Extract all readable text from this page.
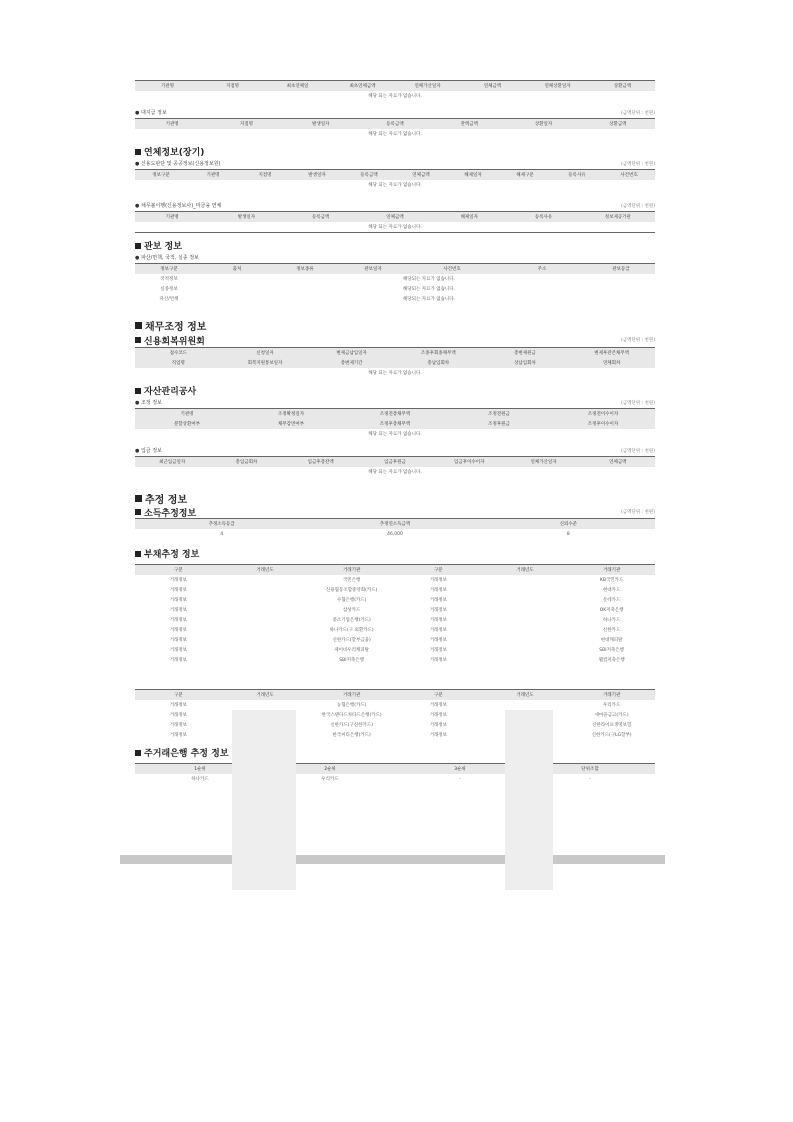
기관명	지점명	최초연체일	최초연체금액	연체가산일자	연체금액	연체상환일자	상환금액
해당 되는 자료가 없습니다.
● 대지급 정보	(금액단위 : 천원)
기관명	지점명	발생일자	등록금액	잔액금액	상환일자	상환금액
해당 되는 자료가 없습니다.
연체정보(장기)
● 신용도판단 및 공공정보(신용정보원)	(금액단위 : 천원)
정보구분	기관명	지점명	발생일자	등록금액	연체금액	해제일자	해제구분	등록사유	사건번호
해당 되는 자료가 없습니다.
● 채무불이행(신용정보사)_미금융 연체	(금액단위 : 천원)
기관명	발생일자	등록금액	연체금액	해제일자	등록사유	정보제공기관
해당 되는 자료가 없습니다.
관보 정보
● 파산/면책, 국적, 실종 정보
정보구분	출처	정보종류	관보일자	사건번호	주소	관보등급
국적정보	해당되는 자료가 없습니다.					
실종정보	해당되는 자료가 없습니다.					
파산/면책	해당되는 자료가 없습니다.					
채무조정 정보
신용회복위원회	(금액단위 : 천원)
접수코드	신청일자	변제금납입일자	조종후회종채무액	총변제원금	변제후잔존채무액
직업명	회복지원통보일자	총변제기간	총납입회차	상납입회차	연체회차
해당 되는 자료가 없습니다.					
자산관리공사
● 조정 정보	(금액단위 : 천원)
기관명	조정확정일자	조정전총채무액	조정전원금	조정전이수이자
분할상환여부	채무감면여부	조정후총채무액	조정후원금	조정후이수이자
해당 되는 자료가 없습니다.				
● 입금 정보	(금액단위 : 천원)
최근입금일자	총입금회차	입금후총잔액	입금후원금	입금후이수이자	연체가산일자	연체금액
해당 되는 자료가 없습니다.
추정 정보
소득추정정보	(금액단위 : 천원)
추정소득등급	추정연소득금액	신뢰수준
4	46,000	8
부채추정 정보
구분	거래년도	거래기관	구분	거래년도	거래기관
거래정보		국민은행	거래정보		KB국민카드
거래정보		신용협동조합중앙회(카드)	거래정보		현대카드
거래정보		수협은행(카드)	거래정보		롯데카드
거래정보		삼성카드	거래정보		OK저축은행
거래정보		중소기업은행(카드)	거래정보		하나카드
거래정보		하나카드(구 외환카드)	거래정보		신한카드
거래정보		신한카드(할부금융)	거래정보		현대캐피탈
거래정보		제이비우리캐피탈	거래정보		SBI저축은행
거래정보		SBI저축은행	거래정보		웰컴저축은행
구분	거래년도	거래기관	구분	거래년도	거래기관
거래정보		농협은행(카드)	거래정보		우리카드
거래정보		한국스탠다드차타드은행(카드)	거래정보		새마을금고(카드)
거래정보		신한카드(구신한카드)	거래정보		신한라이프생명보험
거래정보		한국씨티은행(카드)	거래정보		신한카드(구LG할부)
주거래은행 추정 정보
1순위	2순위	3순위	단위조합
하나카드	우리카드	-	-
